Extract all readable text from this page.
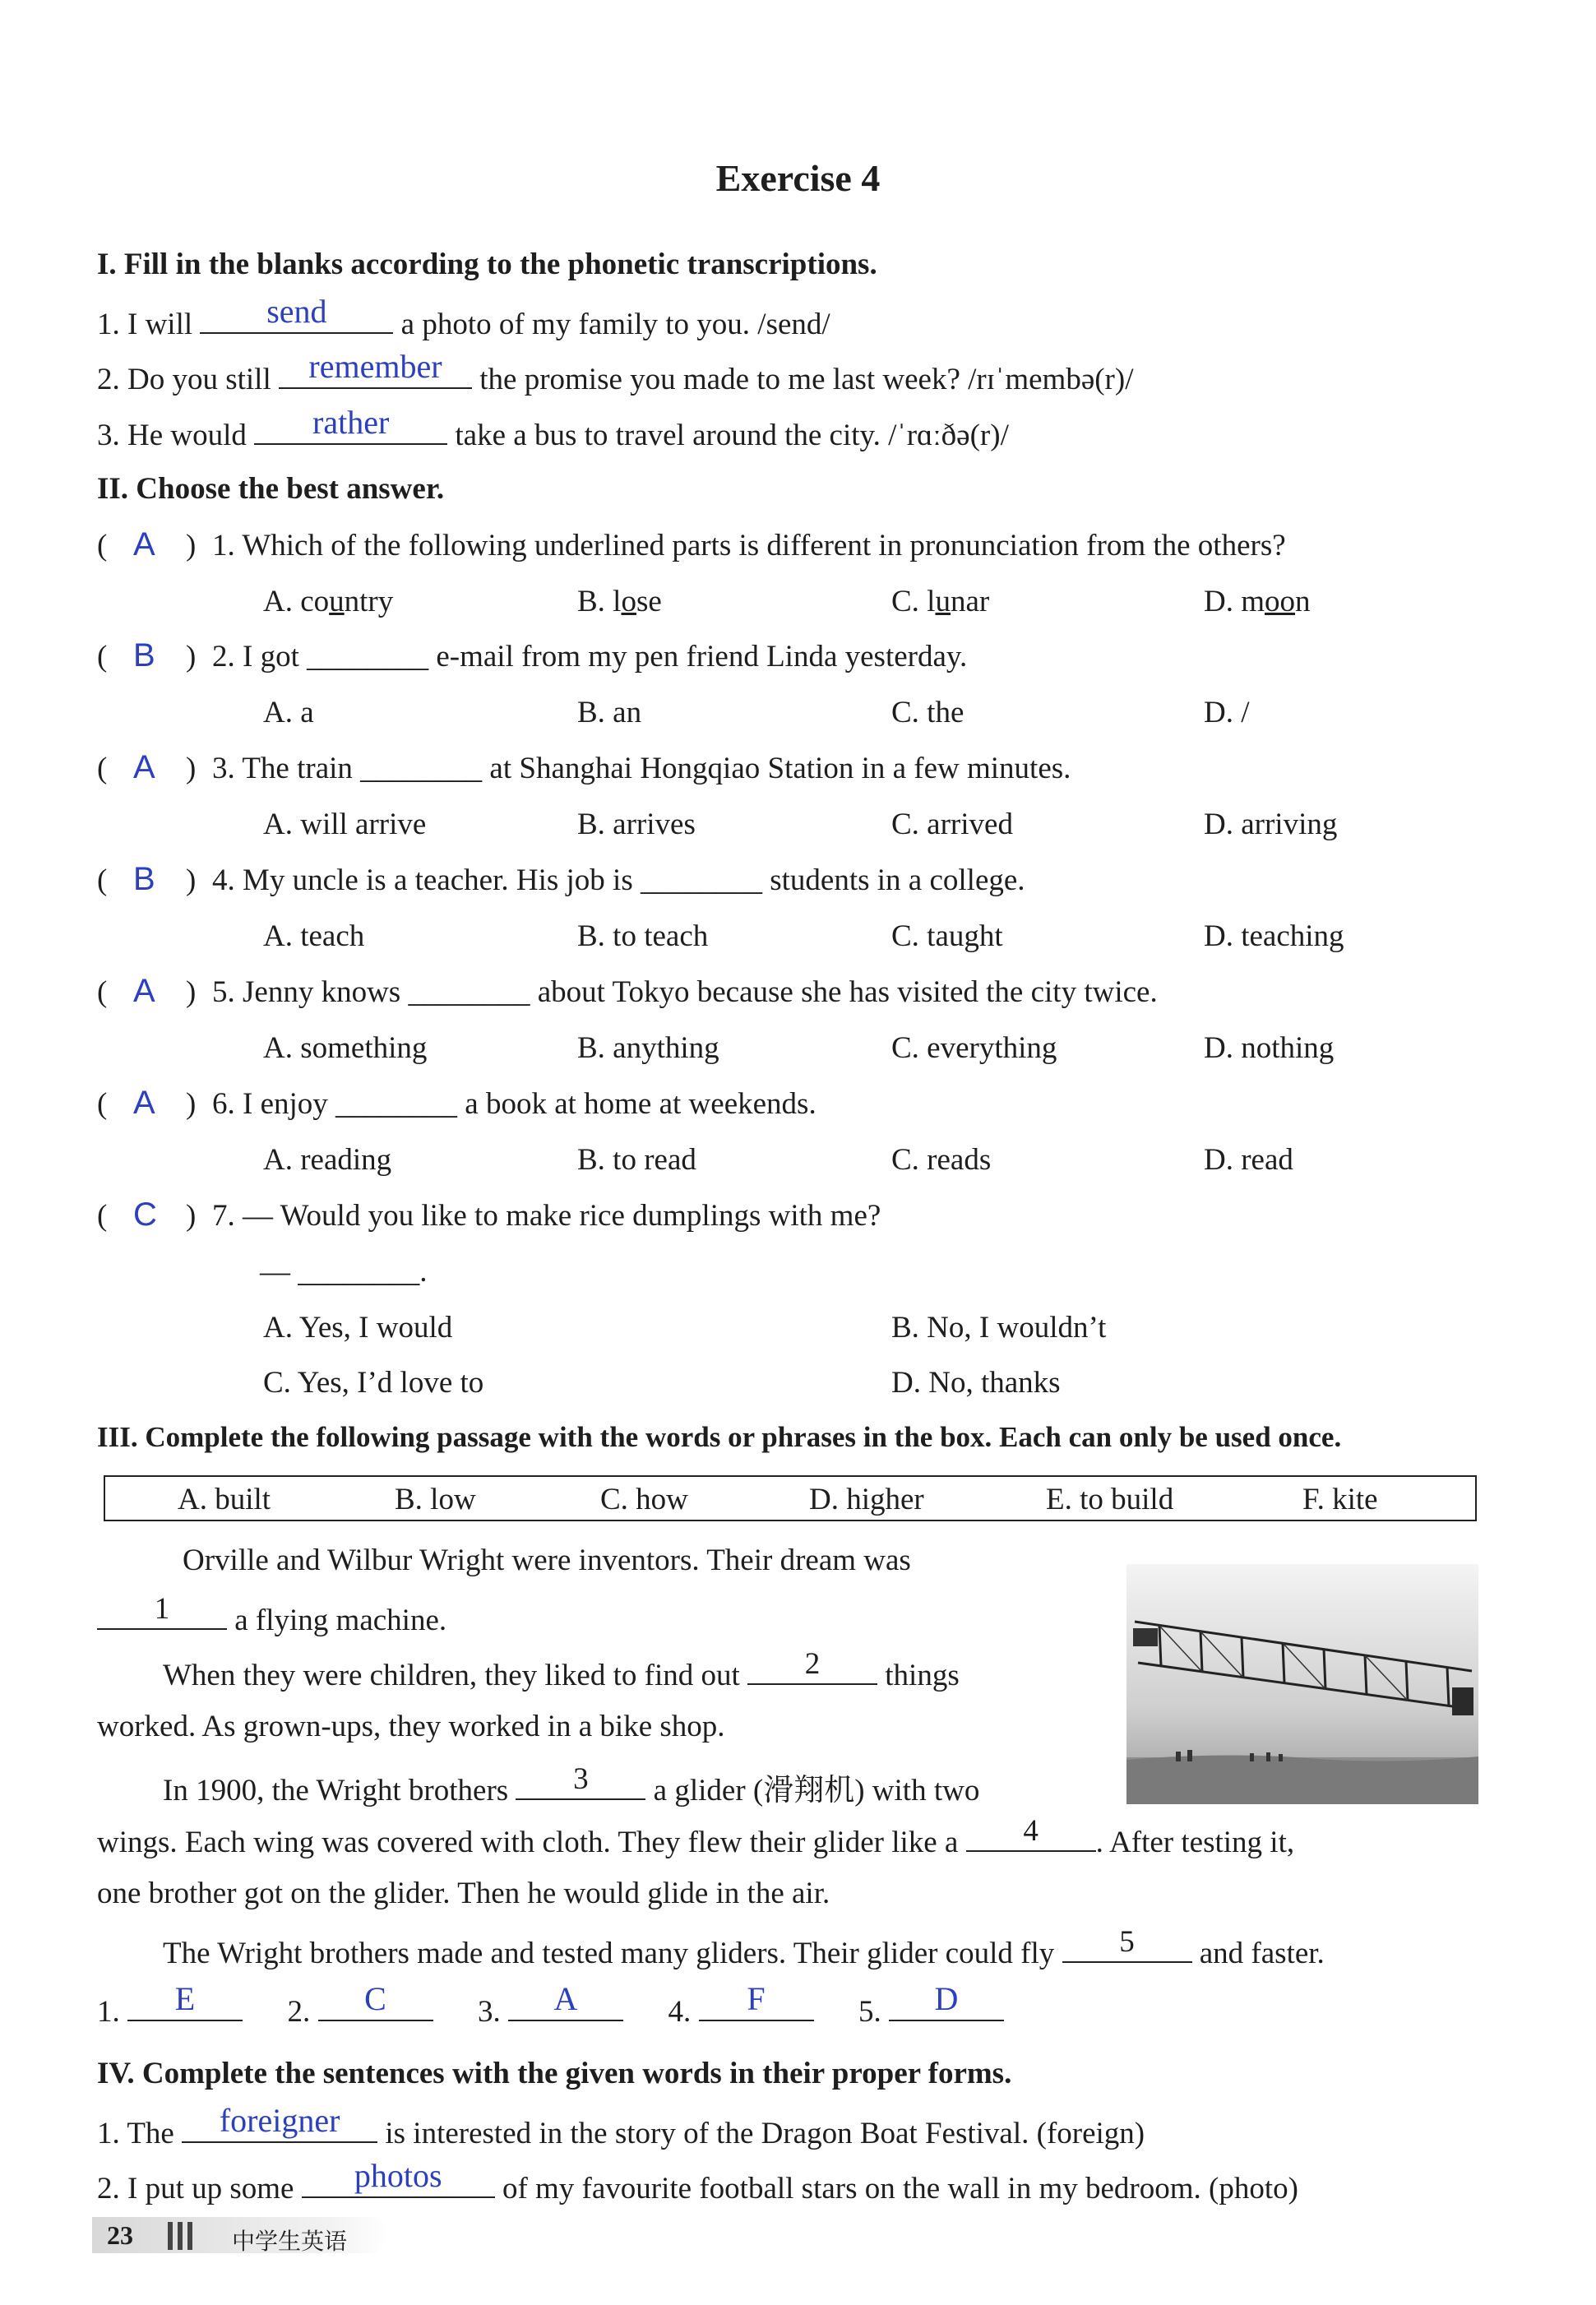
Exercise 4
I. Fill in the blanks according to the phonetic transcriptions.
1. I will	send	a photo of my family to you. /send/
2. Do you still	remember	the promise you made to me last week? /rɪˈmembə(r)/
3. He would	rather	take a bus to travel around the city. /ˈrɑːðə(r)/
II. Choose the best answer.
( A ) 1. Which of the following underlined parts is different in pronunciation from the others?
A. country	B. lose	C. lunar	D. moon
( B ) 2. I got ________ e-mail from my pen friend Linda yesterday.
A. a	B. an	C. the	D. /
( A ) 3. The train ________ at Shanghai Hongqiao Station in a few minutes.
A. will arrive	B. arrives	C. arrived	D. arriving
( B ) 4. My uncle is a teacher. His job is ________ students in a college.
A. teach	B. to teach	C. taught	D. teaching
( A ) 5. Jenny knows ________ about Tokyo because she has visited the city twice.
A. something	B. anything	C. everything	D. nothing
( A ) 6. I enjoy ________ a book at home at weekends.
A. reading	B. to read	C. reads	D. read
( C ) 7. — Would you like to make rice dumplings with me?
— ________.
A. Yes, I would	B. No, I wouldn’t
C. Yes, I’d love to	D. No, thanks
III. Complete the following passage with the words or phrases in the box. Each can only be used once.
A. built	B. low	C. how	D. higher	E. to build	F. kite
Orville and Wilbur Wright were inventors. Their dream was
1	a flying machine.
When they were children, they liked to find out	2	things
worked. As grown-ups, they worked in a bike shop.
In 1900, the Wright brothers	3	a glider (滑翔机) with two
wings. Each wing was covered with cloth. They flew their glider like a	4	. After testing it,
one brother got on the glider. Then he would glide in the air.
The Wright brothers made and tested many gliders. Their glider could fly	5	and faster.
1.	E	2.	C	3.	A	4.	F	5.	D
IV. Complete the sentences with the given words in their proper forms.
1. The	foreigner	is interested in the story of the Dragon Boat Festival. (foreign)
2. I put up some	photos	of my favourite football stars on the wall in my bedroom. (photo)
23	中学生英语
